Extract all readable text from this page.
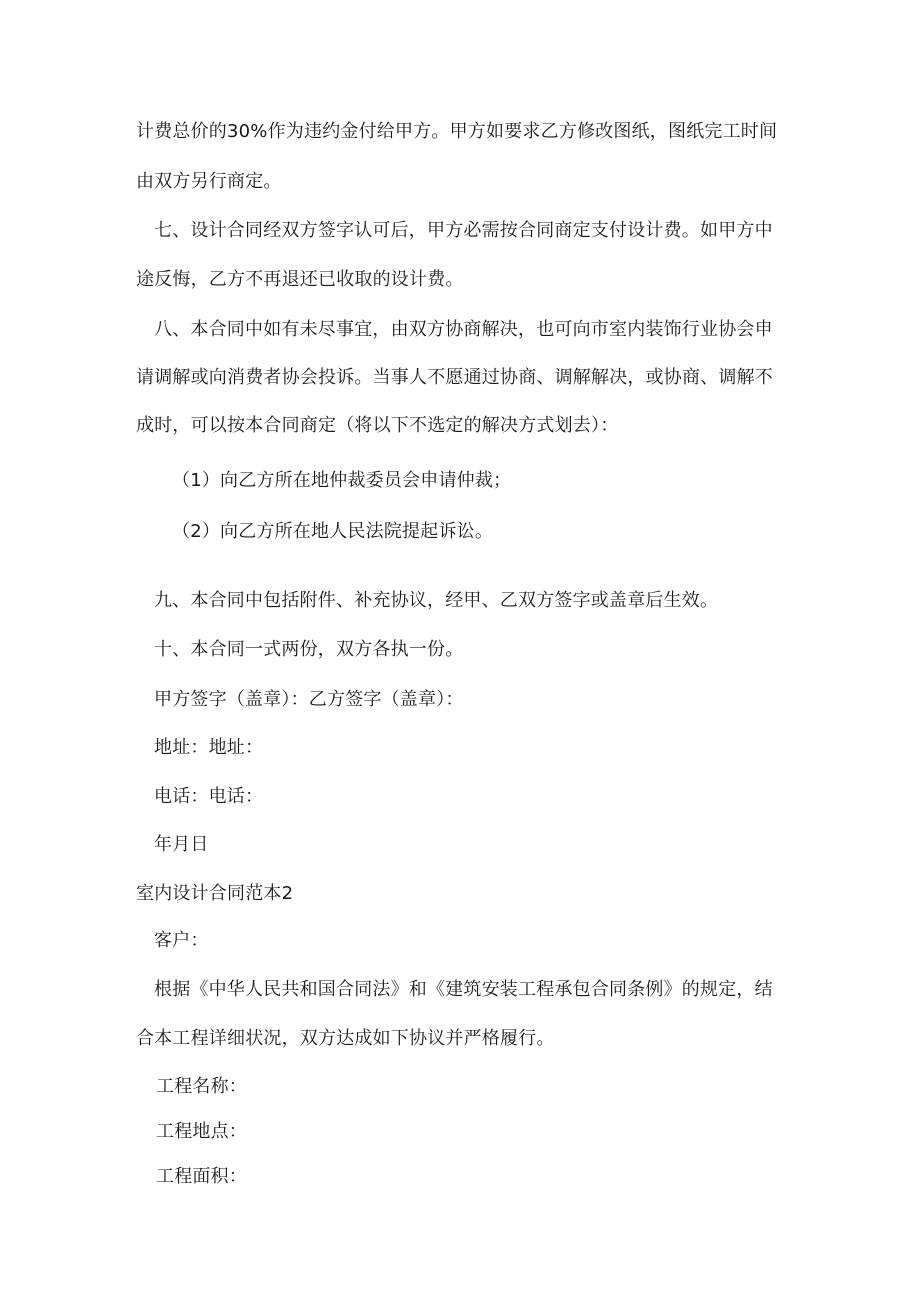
计费总价的30%作为违约金付给甲方。甲方如要求乙方修改图纸，图纸完工时间
由双方另行商定。
七、设计合同经双方签字认可后，甲方必需按合同商定支付设计费。如甲方中
途反悔，乙方不再退还已收取的设计费。
八、本合同中如有未尽事宜，由双方协商解决，也可向市室内装饰行业协会申
请调解或向消费者协会投诉。当事人不愿通过协商、调解解决，或协商、调解不
成时，可以按本合同商定（将以下不选定的解决方式划去）：
（1）向乙方所在地仲裁委员会申请仲裁；
（2）向乙方所在地人民法院提起诉讼。
九、本合同中包括附件、补充协议，经甲、乙双方签字或盖章后生效。
十、本合同一式两份，双方各执一份。
甲方签字（盖章）：乙方签字（盖章）：
地址：地址：
电话：电话：
年月日
室内设计合同范本2
客户：
根据《中华人民共和国合同法》和《建筑安装工程承包合同条例》的规定，结
合本工程详细状况，双方达成如下协议并严格履行。
工程名称：
工程地点：
工程面积：
